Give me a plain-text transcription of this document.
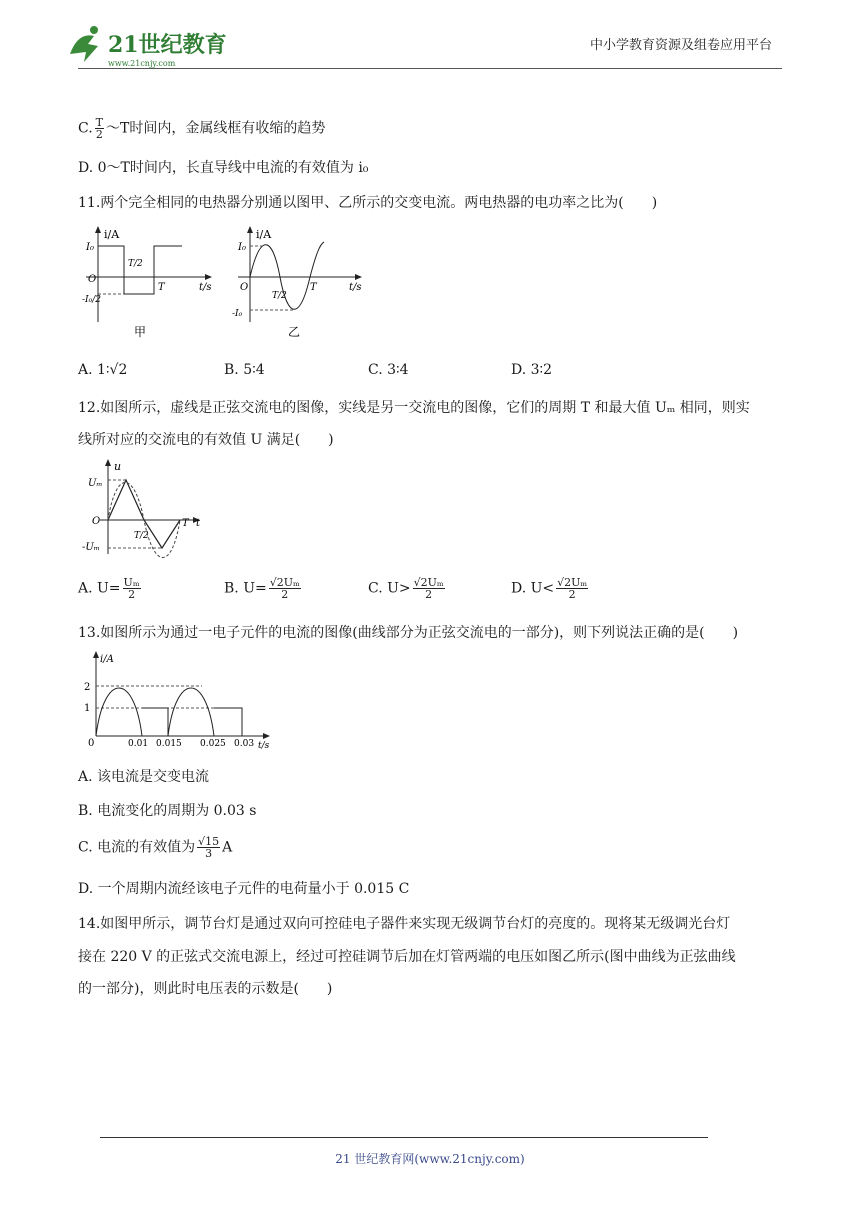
21世纪教育
www.21cnjy.com
中小学教育资源及组卷应用平台
C. $\frac{T}{2}$ ～T时间内，金属线框有收缩的趋势
D. 0～T时间内，长直导线中电流的有效值为 i₀
11.两个完全相同的电热器分别通以图甲、乙所示的交变电流。两电热器的电功率之比为(　　)
i/A
t/s
I₀
O
-I₀/2
T/2
T
甲
i/A
t/s
I₀
O
-I₀
T/2
T
乙
A. 1∶√2	B. 5∶4	C. 3∶4	D. 3∶2
12.如图所示，虚线是正弦交流电的图像，实线是另一交流电的图像，它们的周期 T 和最大值 Uₘ 相同，则实
线所对应的交流电的有效值 U 满足(　　)
u
Uₘ
O
-Uₘ
T/2
T t
A. $U= \frac{\text{Uₘ}}{2}$	B. $U= \frac{\text{√2Uₘ}}{2}$	C. $U> \frac{\text{√2Uₘ}}{2}$	D. $U< \frac{\text{√2Uₘ}}{2}$
13.如图所示为通过一电子元件的电流的图像(曲线部分为正弦交流电的一部分)，则下列说法正确的是(　　)
i/A
t/s
2
1
0	0.01 0.015 0.025 0.03
A. 该电流是交变电流
B. 电流变化的周期为 0.03 s
C. 电流的有效值为 $\frac{√15}{3}$ A
D. 一个周期内流经该电子元件的电荷量小于 0.015 C
14.如图甲所示，调节台灯是通过双向可控硅电子器件来实现无级调节台灯的亮度的。现将某无级调光台灯
接在 220 V 的正弦式交流电源上，经过可控硅调节后加在灯管两端的电压如图乙所示(图中曲线为正弦曲线
的一部分)，则此时电压表的示数是(　　)
21 世纪教育网(www.21cnjy.com)
